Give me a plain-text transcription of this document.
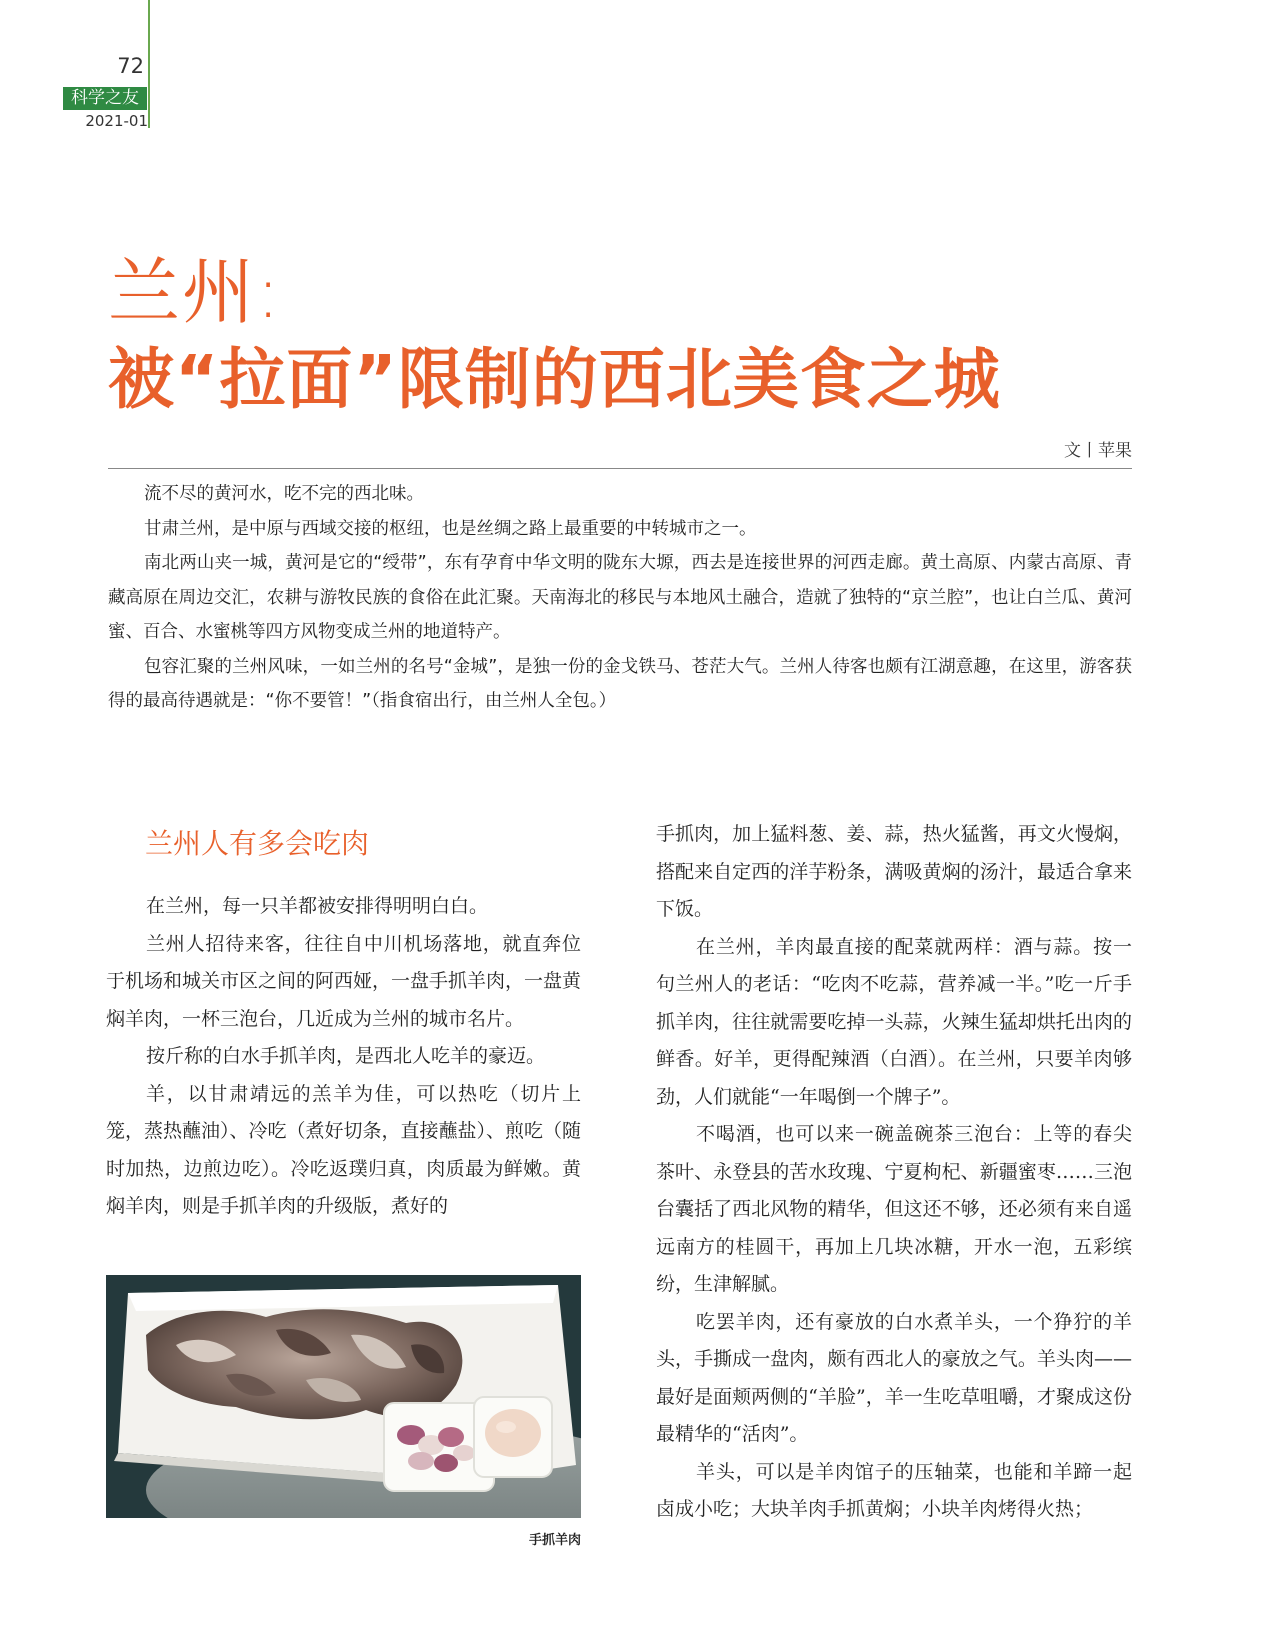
72
科学之友
2021-01
兰州:
被“拉面”限制的西北美食之城
文丨苹果

流不尽的黄河水，吃不完的西北味。

甘肃兰州，是中原与西域交接的枢纽，也是丝绸之路上最重要的中转城市之一。

南北两山夹一城，黄河是它的“绶带”，东有孕育中华文明的陇东大塬，西去是连接世界的河西走廊。黄土高原、内蒙古高原、青藏高原在周边交汇，农耕与游牧民族的食俗在此汇聚。天南海北的移民与本地风土融合，造就了独特的“京兰腔”，也让白兰瓜、黄河蜜、百合、水蜜桃等四方风物变成兰州的地道特产。

包容汇聚的兰州风味，一如兰州的名号“金城”，是独一份的金戈铁马、苍茫大气。兰州人待客也颇有江湖意趣，在这里，游客获得的最高待遇就是：“你不要管！”（指食宿出行，由兰州人全包。）

兰州人有多会吃肉

在兰州，每一只羊都被安排得明明白白。

兰州人招待来客，往往自中川机场落地，就直奔位于机场和城关市区之间的阿西娅，一盘手抓羊肉，一盘黄焖羊肉，一杯三泡台，几近成为兰州的城市名片。

按斤称的白水手抓羊肉，是西北人吃羊的豪迈。

羊，以甘肃靖远的羔羊为佳，可以热吃（切片上笼，蒸热蘸油）、冷吃（煮好切条，直接蘸盐）、煎吃（随时加热，边煎边吃）。冷吃返璞归真，肉质最为鲜嫩。黄焖羊肉，则是手抓羊肉的升级版，煮好的

手抓羊肉

手抓肉，加上猛料葱、姜、蒜，热火猛酱，再文火慢焖，搭配来自定西的洋芋粉条，满吸黄焖的汤汁，最适合拿来下饭。

在兰州，羊肉最直接的配菜就两样：酒与蒜。按一句兰州人的老话：“吃肉不吃蒜，营养减一半。”吃一斤手抓羊肉，往往就需要吃掉一头蒜，火辣生猛却烘托出肉的鲜香。好羊，更得配辣酒（白酒）。在兰州，只要羊肉够劲，人们就能“一年喝倒一个牌子”。

不喝酒，也可以来一碗盖碗茶三泡台：上等的春尖茶叶、永登县的苦水玫瑰、宁夏枸杞、新疆蜜枣……三泡台囊括了西北风物的精华，但这还不够，还必须有来自遥远南方的桂圆干，再加上几块冰糖，开水一泡，五彩缤纷，生津解腻。

吃罢羊肉，还有豪放的白水煮羊头，一个狰狞的羊头，手撕成一盘肉，颇有西北人的豪放之气。羊头肉——最好是面颊两侧的“羊脸”，羊一生吃草咀嚼，才聚成这份最精华的“活肉”。

羊头，可以是羊肉馆子的压轴菜，也能和羊蹄一起卤成小吃；大块羊肉手抓黄焖；小块羊肉烤得火热；
